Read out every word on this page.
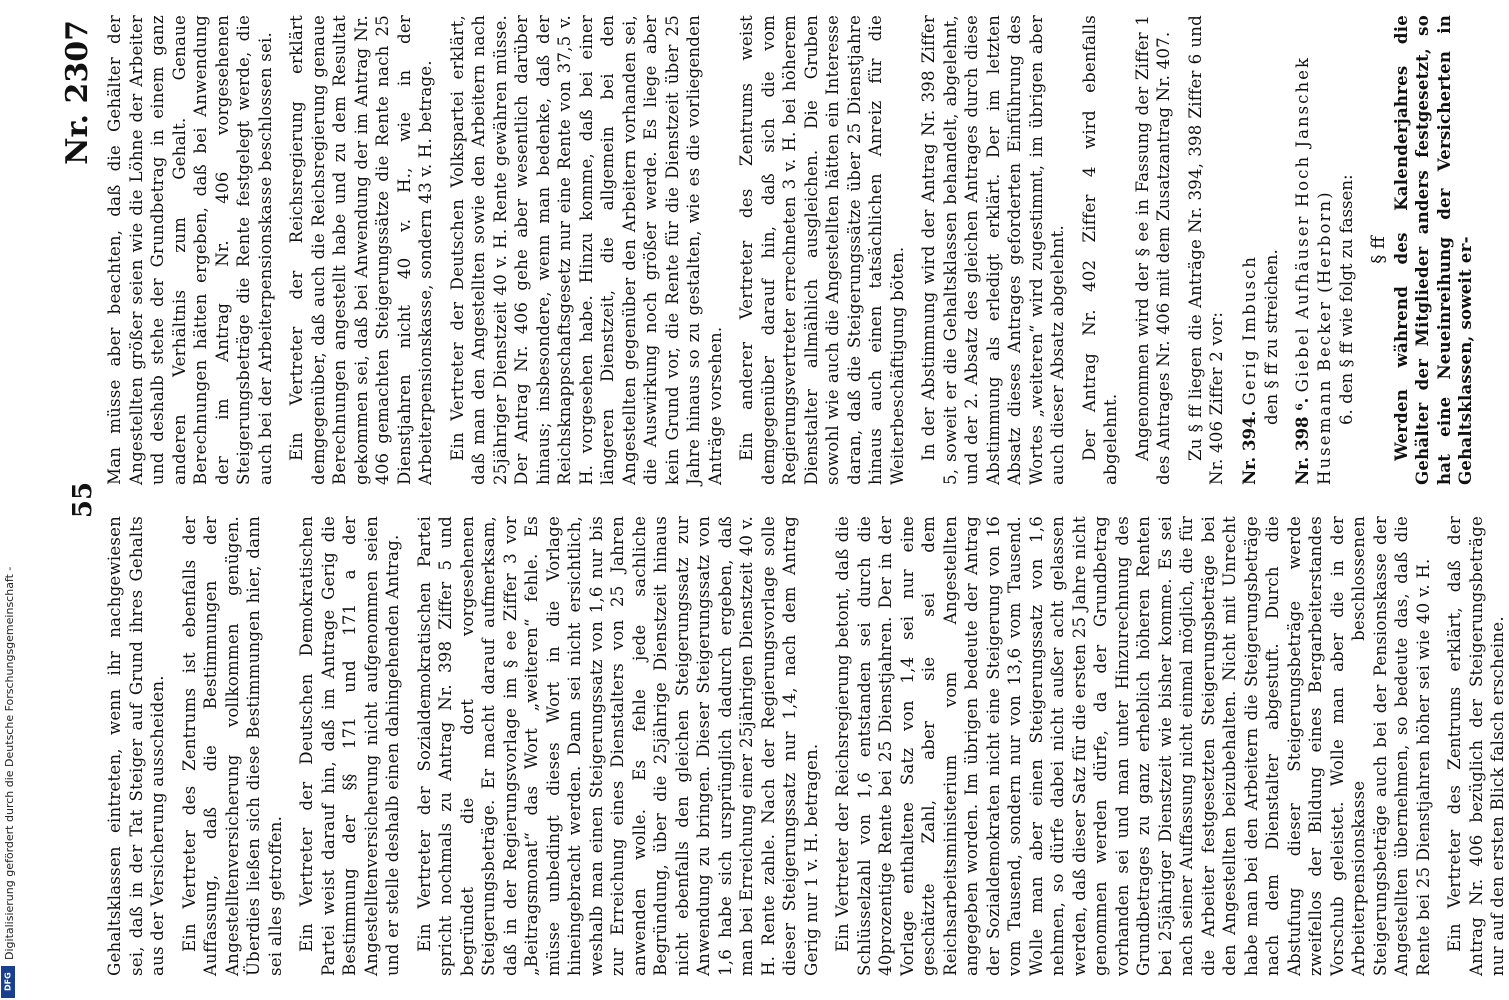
55
Nr. 2307

Gehaltsklassen eintreten, wenn ihr nachgewiesen sei, daß in der Tat Steiger auf Grund ihres Gehalts aus der Versicherung ausscheiden. Ein Vertreter des Zentrums ist ebenfalls der Auffassung, daß die Bestimmungen der Angestelltenversicherung vollkommen genügen. Überdies ließen sich diese Bestimmungen hier, dann sei alles getroffen. Ein Vertreter der Deutschen Demokratischen Partei weist darauf hin, daß im Antrage Gerig die Bestimmung der §§ 171 und 171 a der Angestelltenversicherung nicht aufgenommen seien und er stelle deshalb einen dahingehenden Antrag. Ein Vertreter der Sozialdemokratischen Partei spricht nochmals zu Antrag Nr. 398 Ziffer 5 und begründet die dort vorgesehenen Steigerungsbeträge. Er macht darauf aufmerksam, daß in der Regierungsvorlage im § ee Ziffer 3 vor „Beitragsmonat“ das Wort „weiteren“ fehle. Es müsse unbedingt dieses Wort in die Vorlage hineingebracht werden. Dann sei nicht ersichtlich, weshalb man einen Steigerungssatz von 1,6 nur bis zur Erreichung eines Dienstalters von 25 Jahren anwenden wolle. Es fehle jede sachliche Begründung, über die 25jährige Dienstzeit hinaus nicht ebenfalls den gleichen Steigerungssatz zur Anwendung zu bringen. Dieser Steigerungssatz von 1,6 habe sich ursprünglich dadurch ergeben, daß man bei Erreichung einer 25jährigen Dienstzeit 40 v. H. Rente zahle. Nach der Regierungsvorlage solle dieser Steigerungssatz nur 1,4, nach dem Antrag Gerig nur 1 v. H. betragen. Ein Vertreter der Reichsregierung betont, daß die Schlüsselzahl von 1,6 entstanden sei durch die 40prozentige Rente bei 25 Dienstjahren. Der in der Vorlage enthaltene Satz von 1,4 sei nur eine geschätzte Zahl, aber sie sei dem Reichsarbeitsministerium vom Angestellten angegeben worden. Im übrigen bedeute der Antrag der Sozialdemokraten nicht eine Steigerung von 16 vom Tausend, sondern nur von 13,6 vom Tausend. Wolle man aber einen Steigerungssatz von 1,6 nehmen, so dürfe dabei nicht außer acht gelassen werden, daß dieser Satz für die ersten 25 Jahre nicht genommen werden dürfe, da der Grundbetrag vorhanden sei und man unter Hinzurechnung des Grundbetrages zu ganz erheblich höheren Renten bei 25jähriger Dienstzeit wie bisher komme. Es sei nach seiner Auffassung nicht einmal möglich, die für die Arbeiter festgesetzten Steigerungsbeträge bei den Angestellten beizubehalten. Nicht mit Unrecht habe man bei den Arbeitern die Steigerungsbeträge nach dem Dienstalter abgestuft. Durch die Abstufung dieser Steigerungsbeträge werde zweifellos der Bildung eines Bergarbeiterstandes Vorschub geleistet. Wolle man aber die in der Arbeiterpensionskasse beschlossenen Steigerungsbeträge auch bei der Pensionskasse der Angestellten übernehmen, so bedeute das, daß die Rente bei 25 Dienstjahren höher sei wie 40 v. H. Ein Vertreter des Zentrums erklärt, daß der Antrag Nr. 406 bezüglich der Steigerungsbeträge nur auf den ersten Blick falsch erscheine.

Man müsse aber beachten, daß die Gehälter der Angestellten größer seien wie die Löhne der Arbeiter und deshalb stehe der Grundbetrag in einem ganz anderen Verhältnis zum Gehalt. Genaue Berechnungen hätten ergeben, daß bei Anwendung der im Antrag Nr. 406 vorgesehenen Steigerungsbeträge die Rente festgelegt werde, die auch bei der Arbeiterpensionskasse beschlossen sei. Ein Vertreter der Reichsregierung erklärt demgegenüber, daß auch die Reichsregierung genaue Berechnungen angestellt habe und zu dem Resultat gekommen sei, daß bei Anwendung der im Antrag Nr. 406 gemachten Steigerungssätze die Rente nach 25 Dienstjahren nicht 40 v. H., wie in der Arbeiterpensionskasse, sondern 43 v. H. betrage. Ein Vertreter der Deutschen Volkspartei erklärt, daß man den Angestellten sowie den Arbeitern nach 25jähriger Dienstzeit 40 v. H. Rente gewähren müsse. Der Antrag Nr. 406 gehe aber wesentlich darüber hinaus; insbesondere, wenn man bedenke, daß der Reichsknappschaftsgesetz nur eine Rente von 37,5 v. H. vorgesehen habe. Hinzu komme, daß bei einer längeren Dienstzeit, die allgemein bei den Angestellten gegenüber den Arbeitern vorhanden sei, die Auswirkung noch größer werde. Es liege aber kein Grund vor, die Rente für die Dienstzeit über 25 Jahre hinaus so zu gestalten, wie es die vorliegenden Anträge vorsehen. Ein anderer Vertreter des Zentrums weist demgegenüber darauf hin, daß sich die vom Regierungsvertreter errechneten 3 v. H. bei höherem Dienstalter allmählich ausgleichen. Die Gruben sowohl wie auch die Angestellten hätten ein Interesse daran, daß die Steigerungssätze über 25 Dienstjahre hinaus auch einen tatsächlichen Anreiz für die Weiterbeschäftigung böten. In der Abstimmung wird der Antrag Nr. 398 Ziffer 5, soweit er die Gehaltsklassen behandelt, abgelehnt, und der 2. Absatz des gleichen Antrages durch diese Abstimmung als erledigt erklärt. Der im letzten Absatz dieses Antrages geforderten Einführung des Wortes „weiteren“ wird zugestimmt, im übrigen aber auch dieser Absatz abgelehnt. Der Antrag Nr. 402 Ziffer 4 wird ebenfalls abgelehnt. Angenommen wird der § ee in Fassung der Ziffer 1 des Antrages Nr. 406 mit dem Zusatzantrag Nr. 407. Zu § ff liegen die Anträge Nr. 394, 398 Ziffer 6 und Nr. 406 Ziffer 2 vor: Nr. 394. Gerig Imbusch den § ff zu streichen.
Nr. 398 ⁶. Giebel Aufhäuser Hoch Janschek Husemann Becker (Herborn) 6. den § ff wie folgt zu fassen: § ff Werden während des Kalenderjahres die Gehälter der Mitglieder anders festgesetzt, so hat eine Neueinreihung der Versicherten in Gehaltsklassen, soweit er-

Digitalisierung gefördert durch die Deutsche Forschungsgemeinschaft -
DFG
